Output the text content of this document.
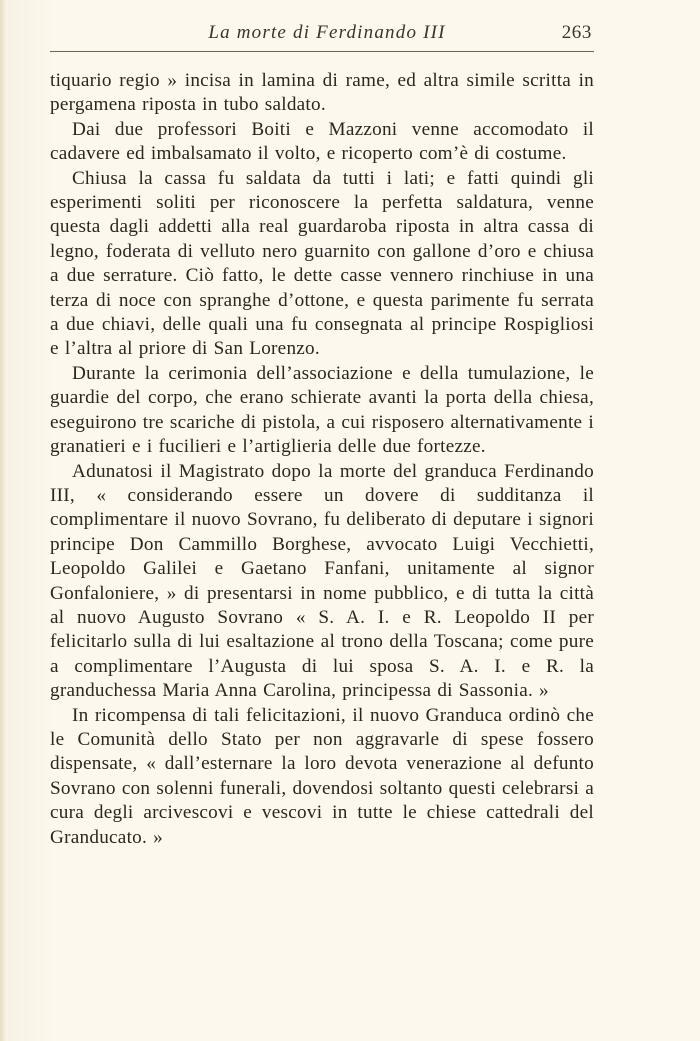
La morte di Ferdinando III	263

tiquario regio » incisa in lamina di rame, ed altra simile scritta in pergamena riposta in tubo saldato.

Dai due professori Boiti e Mazzoni venne accomodato il cadavere ed imbalsamato il volto, e ricoperto com’è di costume.

Chiusa la cassa fu saldata da tutti i lati; e fatti quindi gli esperimenti soliti per riconoscere la perfetta saldatura, venne questa dagli addetti alla real guardaroba riposta in altra cassa di legno, foderata di velluto nero guarnito con gallone d’oro e chiusa a due serrature. Ciò fatto, le dette casse vennero rinchiuse in una terza di noce con spranghe d’ottone, e questa parimente fu serrata a due chiavi, delle quali una fu consegnata al principe Rospigliosi e l’altra al priore di San Lorenzo.

Durante la cerimonia dell’associazione e della tumulazione, le guardie del corpo, che erano schierate avanti la porta della chiesa, eseguirono tre scariche di pistola, a cui risposero alternativamente i granatieri e i fucilieri e l’artiglieria delle due fortezze.

Adunatosi il Magistrato dopo la morte del granduca Ferdinando III, « considerando essere un dovere di sudditanza il complimentare il nuovo Sovrano, fu deliberato di deputare i signori principe Don Cammillo Borghese, avvocato Luigi Vecchietti, Leopoldo Galilei e Gaetano Fanfani, unitamente al signor Gonfaloniere, » di presentarsi in nome pubblico, e di tutta la città al nuovo Augusto Sovrano « S. A. I. e R. Leopoldo II per felicitarlo sulla di lui esaltazione al trono della Toscana; come pure a complimentare l’Augusta di lui sposa S. A. I. e R. la granduchessa Maria Anna Carolina, principessa di Sassonia. »

In ricompensa di tali felicitazioni, il nuovo Granduca ordinò che le Comunità dello Stato per non aggravarle di spese fossero dispensate, « dall’esternare la loro devota venerazione al defunto Sovrano con solenni funerali, dovendosi soltanto questi celebrarsi a cura degli arcivescovi e vescovi in tutte le chiese cattedrali del Granducato. »
